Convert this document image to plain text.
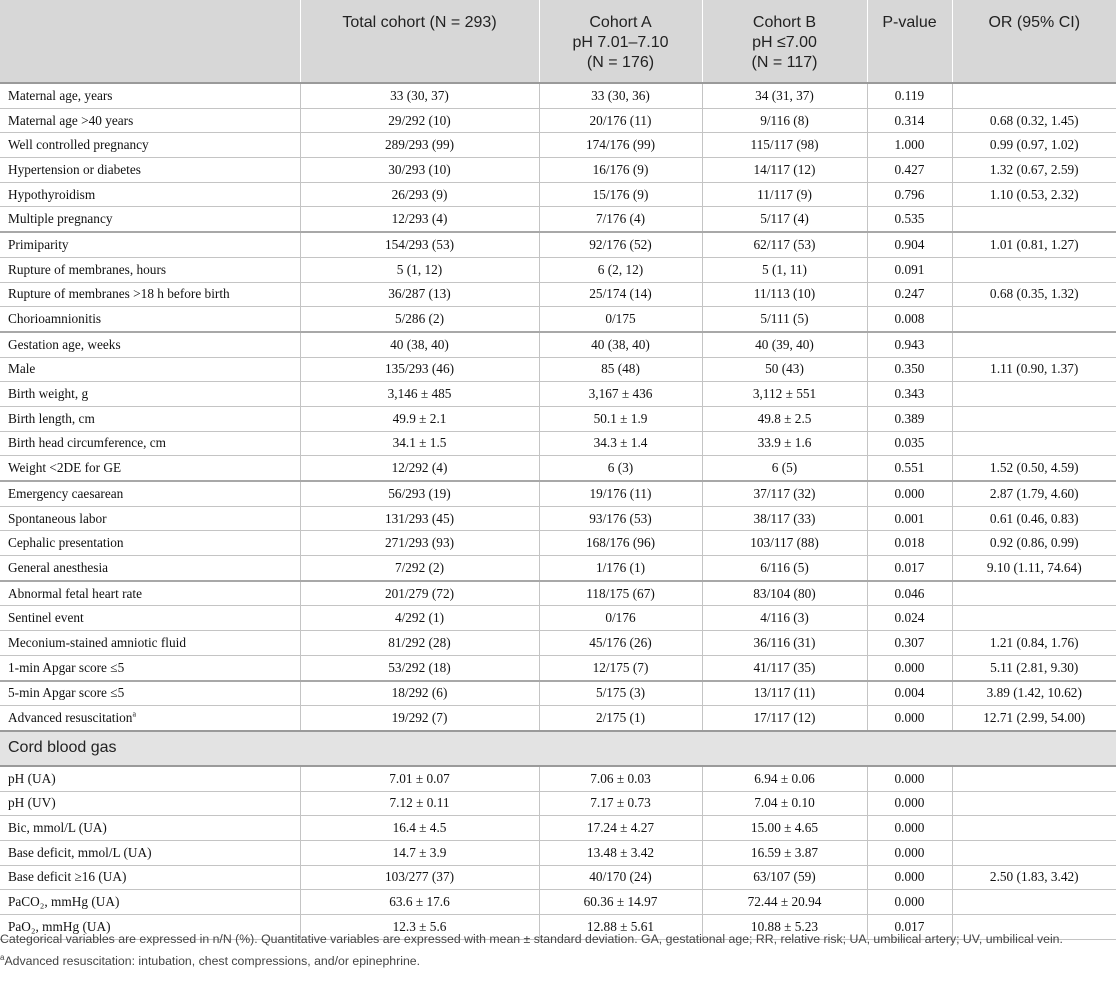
	Total cohort (N = 293)	Cohort A
pH 7.01–7.10
(N = 176)	Cohort B
pH ≤7.00
(N = 117)	P-value	OR (95% CI)

Maternal age, years	33 (30, 37)	33 (30, 36)	34 (31, 37)	0.119	
Maternal age >40 years	29/292 (10)	20/176 (11)	9/116 (8)	0.314	0.68 (0.32, 1.45)
Well controlled pregnancy	289/293 (99)	174/176 (99)	115/117 (98)	1.000	0.99 (0.97, 1.02)
Hypertension or diabetes	30/293 (10)	16/176 (9)	14/117 (12)	0.427	1.32 (0.67, 2.59)
Hypothyroidism	26/293 (9)	15/176 (9)	11/117 (9)	0.796	1.10 (0.53, 2.32)
Multiple pregnancy	12/293 (4)	7/176 (4)	5/117 (4)	0.535	
Primiparity	154/293 (53)	92/176 (52)	62/117 (53)	0.904	1.01 (0.81, 1.27)
Rupture of membranes, hours	5 (1, 12)	6 (2, 12)	5 (1, 11)	0.091	
Rupture of membranes >18 h before birth	36/287 (13)	25/174 (14)	11/113 (10)	0.247	0.68 (0.35, 1.32)
Chorioamnionitis	5/286 (2)	0/175	5/111 (5)	0.008	
Gestation age, weeks	40 (38, 40)	40 (38, 40)	40 (39, 40)	0.943	
Male	135/293 (46)	85 (48)	50 (43)	0.350	1.11 (0.90, 1.37)
Birth weight, g	3,146 ± 485	3,167 ± 436	3,112 ± 551	0.343	
Birth length, cm	49.9 ± 2.1	50.1 ± 1.9	49.8 ± 2.5	0.389	
Birth head circumference, cm	34.1 ± 1.5	34.3 ± 1.4	33.9 ± 1.6	0.035	
Weight <2DE for GE	12/292 (4)	6 (3)	6 (5)	0.551	1.52 (0.50, 4.59)
Emergency caesarean	56/293 (19)	19/176 (11)	37/117 (32)	0.000	2.87 (1.79, 4.60)
Spontaneous labor	131/293 (45)	93/176 (53)	38/117 (33)	0.001	0.61 (0.46, 0.83)
Cephalic presentation	271/293 (93)	168/176 (96)	103/117 (88)	0.018	0.92 (0.86, 0.99)
General anesthesia	7/292 (2)	1/176 (1)	6/116 (5)	0.017	9.10 (1.11, 74.64)
Abnormal fetal heart rate	201/279 (72)	118/175 (67)	83/104 (80)	0.046	
Sentinel event	4/292 (1)	0/176	4/116 (3)	0.024	
Meconium-stained amniotic fluid	81/292 (28)	45/176 (26)	36/116 (31)	0.307	1.21 (0.84, 1.76)
1-min Apgar score ≤5	53/292 (18)	12/175 (7)	41/117 (35)	0.000	5.11 (2.81, 9.30)
5-min Apgar score ≤5	18/292 (6)	5/175 (3)	13/117 (11)	0.004	3.89 (1.42, 10.62)
Advanced resuscitation$^a$	19/292 (7)	2/175 (1)	17/117 (12)	0.000	12.71 (2.99, 54.00)
Cord blood gas					
pH (UA)	7.01 ± 0.07	7.06 ± 0.03	6.94 ± 0.06	0.000	
pH (UV)	7.12 ± 0.11	7.17 ± 0.73	7.04 ± 0.10	0.000	
Bic, mmol/L (UA)	16.4 ± 4.5	17.24 ± 4.27	15.00 ± 4.65	0.000	
Base deficit, mmol/L (UA)	14.7 ± 3.9	13.48 ± 3.42	16.59 ± 3.87	0.000	
Base deficit ≥16 (UA)	103/277 (37)	40/170 (24)	63/107 (59)	0.000	2.50 (1.83, 3.42)
PaCO₂, mmHg (UA)	63.6 ± 17.6	60.36 ± 14.97	72.44 ± 20.94	0.000	
PaO₂, mmHg (UA)	12.3 ± 5.6	12.88 ± 5.61	10.88 ± 5.23	0.017	

Categorical variables are expressed in n/N (%). Quantitative variables are expressed with mean ± standard deviation. GA, gestational age; RR, relative risk; UA, umbilical artery; UV, umbilical vein.

$^a$Advanced resuscitation: intubation, chest compressions, and/or epinephrine.
